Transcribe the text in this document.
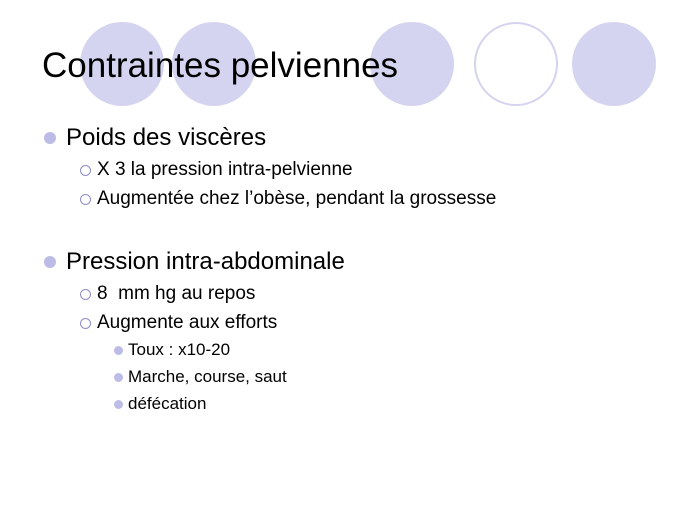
Contraintes pelviennes
Poids des viscères
X 3 la pression intra-pelvienne
Augmentée chez l’obèse, pendant la grossesse
Pression intra-abdominale
8  mm hg au repos
Augmente aux efforts
Toux : x10-20
Marche, course, saut
défécation
